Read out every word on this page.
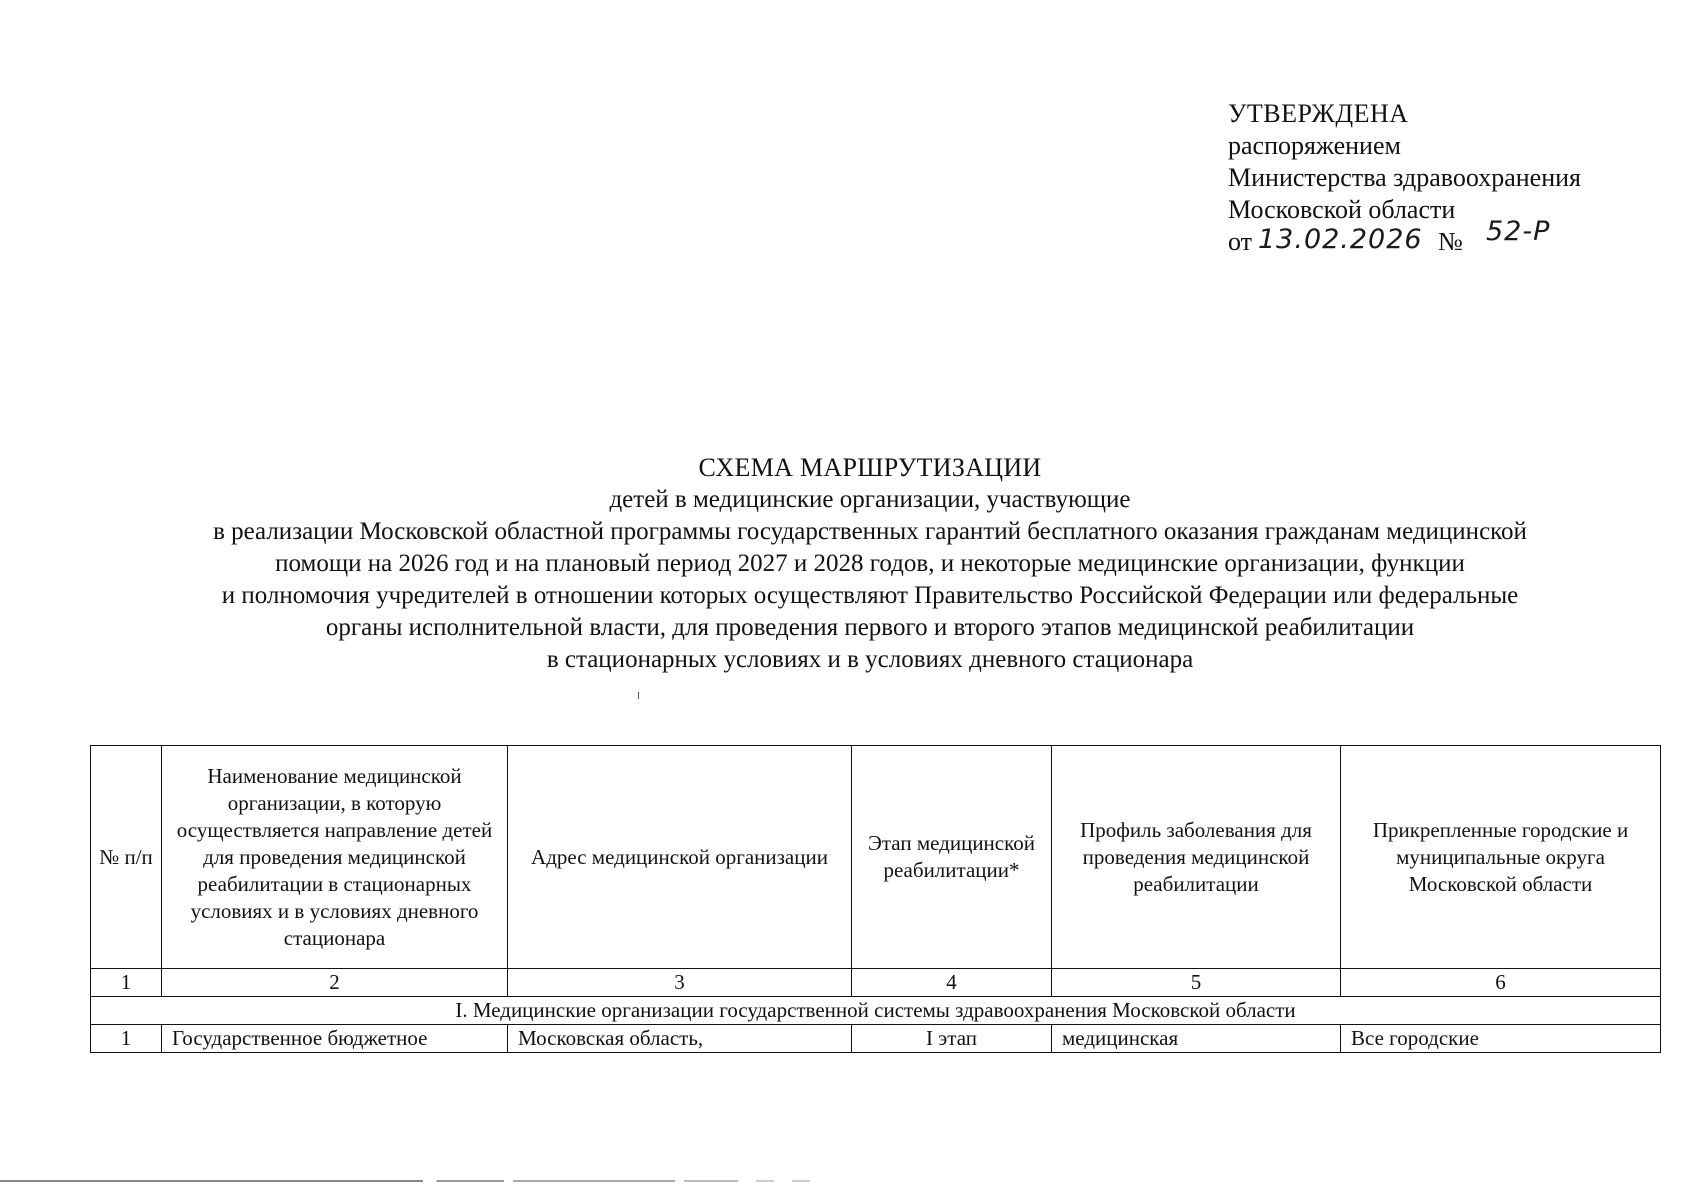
УТВЕРЖДЕНА
распоряжением
Министерства здравоохранения
Московской области
от 13.02.2026 № 52-Р
СХЕМА МАРШРУТИЗАЦИИ
детей в медицинские организации, участвующие
в реализации Московской областной программы государственных гарантий бесплатного оказания гражданам медицинской
помощи на 2026 год и на плановый период 2027 и 2028 годов, и некоторые медицинские организации, функции
и полномочия учредителей в отношении которых осуществляют Правительство Российской Федерации или федеральные
органы исполнительной власти, для проведения первого и второго этапов медицинской реабилитации
в стационарных условиях и в условиях дневного стационара
№ п/п	Наименование медицинской организации, в которую осуществляется направление детей для проведения медицинской реабилитации в стационарных условиях и в условиях дневного стационара	Адрес медицинской организации	Этап медицинской реабилитации*	Профиль заболевания для проведения медицинской реабилитации	Прикрепленные городские и муниципальные округа Московской области
1	2	3	4	5	6
I. Медицинские организации государственной системы здравоохранения Московской области					
1	Государственное бюджетное	Московская область,	I этап	медицинская	Все городские
